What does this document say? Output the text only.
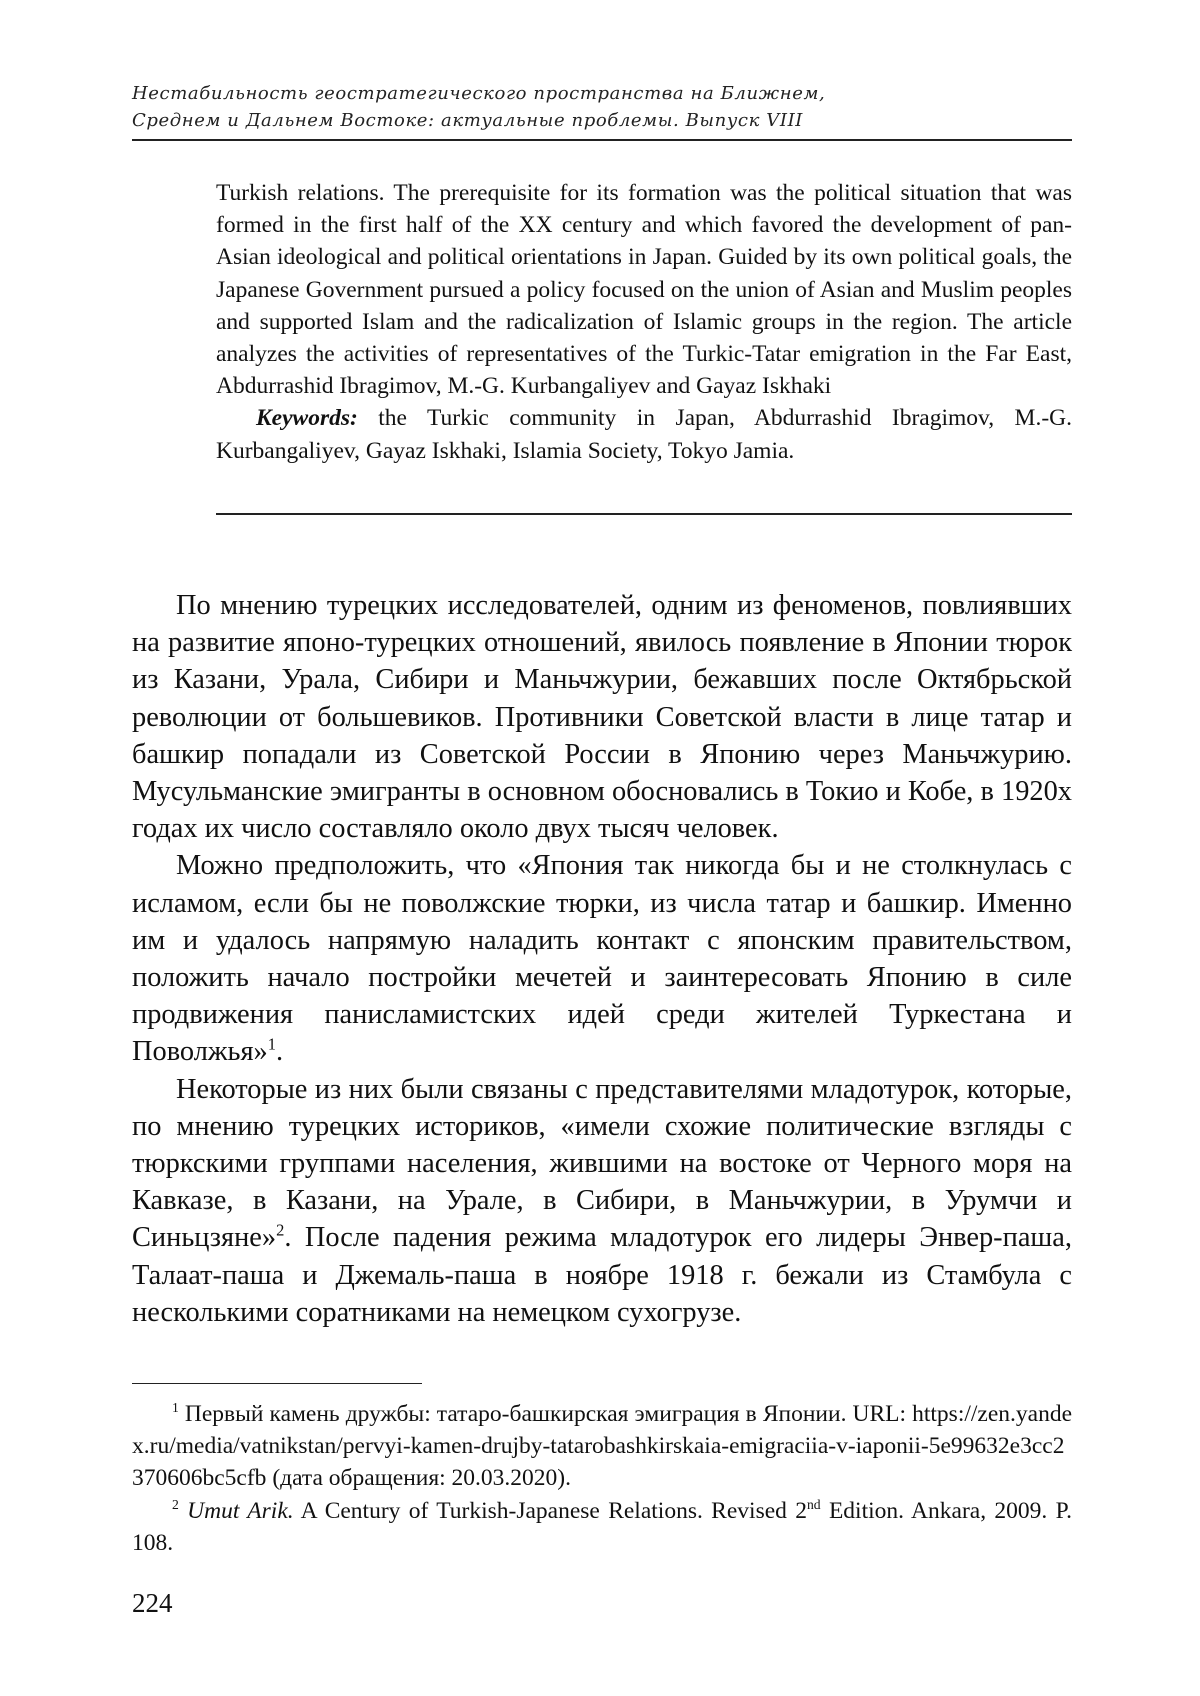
Нестабильность геостратегического пространства на Ближнем,
Среднем и Дальнем Востоке: актуальные проблемы. Выпуск VIII

Turkish relations. The prerequisite for its formation was the political situation that was formed in the first half of the XX century and which favored the development of pan-Asian ideological and political orientations in Japan. Guided by its own political goals, the Japanese Government pursued a policy focused on the union of Asian and Muslim peoples and supported Islam and the radicalization of Islamic groups in the region. The article analyzes the activities of representatives of the Turkic-Tatar emigration in the Far East, Abdurrashid Ibragimov, M.-G. Kurbangaliyev and Gayaz Iskhaki

Keywords: the Turkic community in Japan, Abdurrashid Ibragimov, M.-G. Kurbangaliyev, Gayaz Iskhaki, Islamia Society, Tokyo Jamia.

По мнению турецких исследователей, одним из феноменов, повлиявших на развитие японо-турецких отношений, явилось появление в Японии тюрок из Казани, Урала, Сибири и Маньчжурии, бежавших после Октябрьской революции от большевиков. Противники Советской власти в лице татар и башкир попадали из Советской России в Японию через Маньчжурию. Мусульманские эмигранты в основном обосновались в Токио и Кобе, в 1920х годах их число составляло около двух тысяч человек.

Можно предположить, что «Япония так никогда бы и не столкнулась с исламом, если бы не поволжские тюрки, из числа татар и башкир. Именно им и удалось напрямую наладить контакт с японским правительством, положить начало постройки мечетей и заинтересовать Японию в силе продвижения панисламистских идей среди жителей Туркестана и Поволжья»$^1$.

Некоторые из них были связаны с представителями младотурок, которые, по мнению турецких историков, «имели схожие политические взгляды с тюркскими группами населения, жившими на востоке от Черного моря на Кавказе, в Казани, на Урале, в Сибири, в Маньчжурии, в Урумчи и Синьцзяне»$^2$. После падения режима младотурок его лидеры Энвер-паша, Талаат-паша и Джемаль-паша в ноябре 1918 г. бежали из Стамбула с несколькими соратниками на немецком сухогрузе.

$^1$ Первый камень дружбы: татаро-башкирская эмиграция в Японии. URL: https://zen.yandex.ru/media/vatnikstan/pervyi-kamen-drujby-tatarobashkirskaia-emigraciia-v-iaponii-5e99632e3cc2370606bc5cfb (дата обращения: 20.03.2020).

$^2$ Umut Arik. A Century of Turkish-Japanese Relations. Revised 2nd Edition. Ankara, 2009. P. 108.

224
